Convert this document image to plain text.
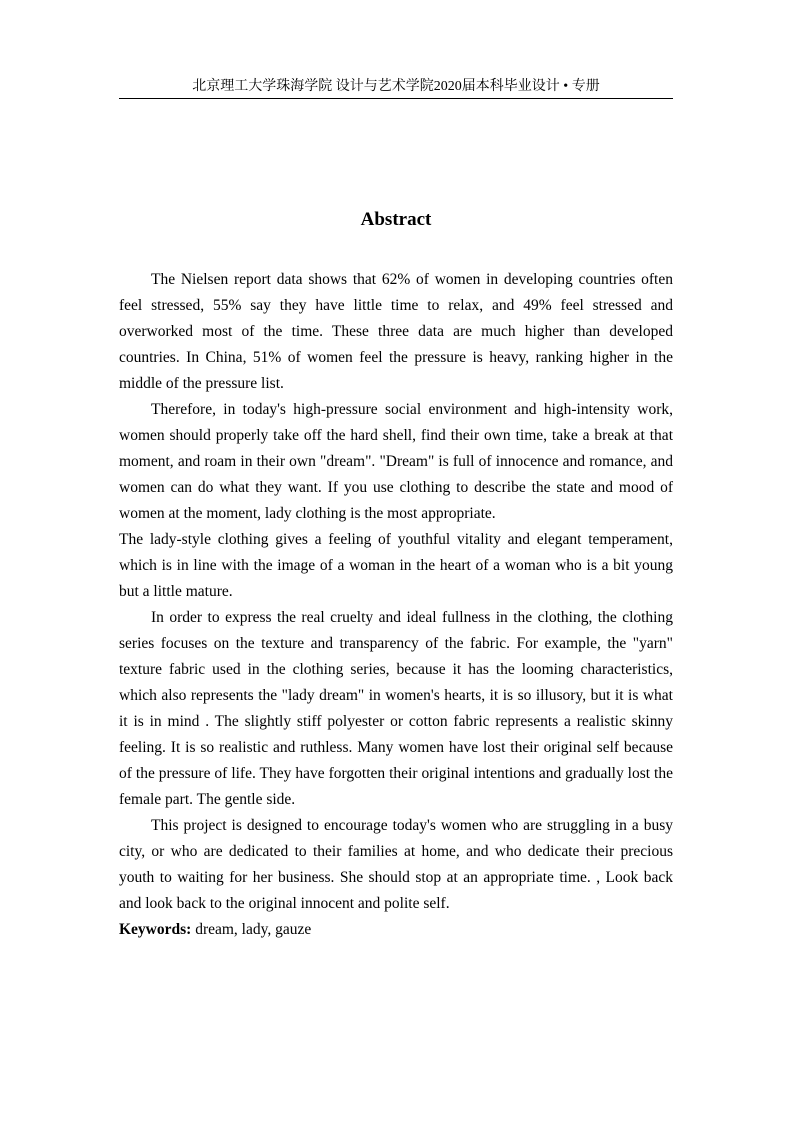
北京理工大学珠海学院 设计与艺术学院2020届本科毕业设计 • 专册
Abstract

The Nielsen report data shows that 62% of women in developing countries often feel stressed, 55% say they have little time to relax, and 49% feel stressed and overworked most of the time. These three data are much higher than developed countries. In China, 51% of women feel the pressure is heavy, ranking higher in the middle of the pressure list.

Therefore, in today's high-pressure social environment and high-intensity work, women should properly take off the hard shell, find their own time, take a break at that moment, and roam in their own "dream". "Dream" is full of innocence and romance, and women can do what they want. If you use clothing to describe the state and mood of women at the moment, lady clothing is the most appropriate.

The lady-style clothing gives a feeling of youthful vitality and elegant temperament, which is in line with the image of a woman in the heart of a woman who is a bit young but a little mature.

In order to express the real cruelty and ideal fullness in the clothing, the clothing series focuses on the texture and transparency of the fabric. For example, the "yarn" texture fabric used in the clothing series, because it has the looming characteristics, which also represents the "lady dream" in women's hearts, it is so illusory, but it is what it is in mind . The slightly stiff polyester or cotton fabric represents a realistic skinny feeling. It is so realistic and ruthless. Many women have lost their original self because of the pressure of life. They have forgotten their original intentions and gradually lost the female part. The gentle side.

This project is designed to encourage today's women who are struggling in a busy city, or who are dedicated to their families at home, and who dedicate their precious youth to waiting for her business. She should stop at an appropriate time. , Look back and look back to the original innocent and polite self.

Keywords: dream, lady, gauze
